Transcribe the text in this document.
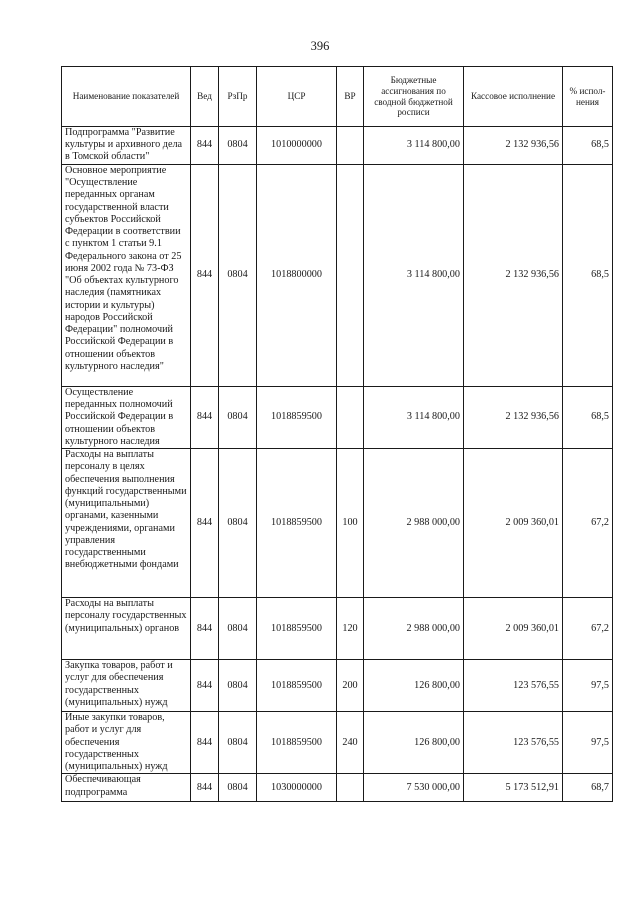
396
Наименование показателей	Вед	РзПр	ЦСР	ВР	Бюджетные ассигнования по сводной бюджетной росписи	Кассовое исполнение	% испол-нения
Подпрограмма "Развитие культуры и архивного дела в Томской области"	844	0804	1010000000		3 114 800,00	2 132 936,56	68,5
Основное мероприятие "Осуществление переданных органам государственной власти субъектов Российской Федерации в соответствии с пунктом 1 статьи 9.1 Федерального закона от 25 июня 2002 года № 73-ФЗ "Об объектах культурного наследия (памятниках истории и культуры) народов Российской Федерации" полномочий Российской Федерации в отношении объектов культурного наследия"	844	0804	1018800000		3 114 800,00	2 132 936,56	68,5
Осуществление переданных полномочий Российской Федерации в отношении объектов культурного наследия	844	0804	1018859500		3 114 800,00	2 132 936,56	68,5
Расходы на выплаты персоналу в целях обеспечения выполнения функций государственными (муниципальными) органами, казенными учреждениями, органами управления государственными внебюджетными фондами	844	0804	1018859500	100	2 988 000,00	2 009 360,01	67,2
Расходы на выплаты персоналу государственных (муниципальных) органов	844	0804	1018859500	120	2 988 000,00	2 009 360,01	67,2
Закупка товаров, работ и услуг для обеспечения государственных (муниципальных) нужд	844	0804	1018859500	200	126 800,00	123 576,55	97,5
Иные закупки товаров, работ и услуг для обеспечения государственных (муниципальных) нужд	844	0804	1018859500	240	126 800,00	123 576,55	97,5
Обеспечивающая подпрограмма	844	0804	1030000000		7 530 000,00	5 173 512,91	68,7
